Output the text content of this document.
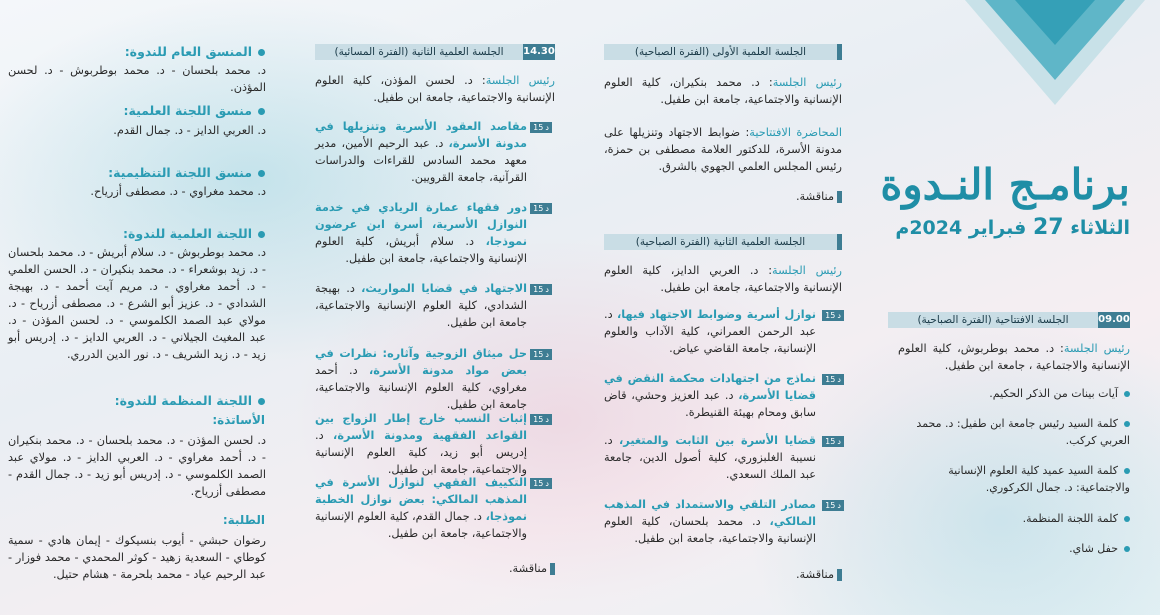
برنامـج النـدوة
الثلاثاء 27 فبراير 2024م
09.00
الجلسة الافتتاحية (الفترة الصباحية)
رئيس الجلسة: د. محمد بوطربوش، كلية العلوم الإنسانية والاجتماعية ، جامعة ابن طفيل.
آيات بينات من الذكر الحكيم.
كلمة السيد رئيس جامعة ابن طفيل: د. محمد العربي كركب.
كلمة السيد عميد كلية العلوم الإنسانية والاجتماعية: د. جمال الكركوري.
كلمة اللجنة المنظمة.
حفل شاي.
الجلسة العلمية الأولى (الفترة الصباحية)
رئيس الجلسة: د. محمد بنكيران، كلية العلوم الإنسانية والاجتماعية، جامعة ابن طفيل.
المحاضرة الافتتاحية: ضوابط الاجتهاد وتنزيلها على مدونة الأسرة، للدكتور العلامة مصطفى بن حمزة، رئيس المجلس العلمي الجهوي بالشرق.
مناقشة.
الجلسة العلمية الثانية (الفترة الصباحية)
رئيس الجلسة: د. العربي الدايز، كلية العلوم الإنسانية والاجتماعية، جامعة ابن طفيل.
د 15
نوازل أسرية وضوابط الاجتهاد فيها، د. عبد الرحمن العمراني، كلية الآداب والعلوم الإنسانية، جامعة القاضي عياض.
د 15
نماذج من اجتهادات محكمة النقض في قضايا الأسرة، د. عبد العزيز وحشي، قاض سابق ومحام بهيئة القنيطرة.
د 15
قضايا الأسرة بين الثابت والمتغير، د. نسيبة الغلبزوري، كلية أصول الدين، جامعة عبد الملك السعدي.
د 15
مصادر التلقي والاستمداد في المذهب المالكي، د. محمد بلحسان، كلية العلوم الإنسانية والاجتماعية، جامعة ابن طفيل.
مناقشة.
14.30
الجلسة العلمية الثانية (الفترة المسائية)
رئيس الجلسة: د. لحسن المؤذن، كلية العلوم الإنسانية والاجتماعية، جامعة ابن طفيل.
د 15
مقاصد العقود الأسرية وتنزيلها في مدونة الأسرة، د. عبد الرحيم الأمين، مدير معهد محمد السادس للقراءات والدراسات القرآنية، جامعة القرويين.
د 15
دور فقهاء عمارة الريادي في خدمة النوازل الأسرية، أسرة ابن عرضون نموذجا، د. سلام أبريش، كلية العلوم الإنسانية والاجتماعية، جامعة ابن طفيل.
د 15
الاجتهاد في قضايا المواريث، د. بهيجة الشدادي، كلية العلوم الإنسانية والاجتماعية، جامعة ابن طفيل.
د 15
حل ميثاق الزوجية وآثاره: نظرات في بعض مواد مدونة الأسرة، د. أحمد مغراوي، كلية العلوم الإنسانية والاجتماعية، جامعة ابن طفيل.
د 15
إثبات النسب خارج إطار الزواج بين القواعد الفقهية ومدونة الأسرة، د. إدريس أبو زيد، كلية العلوم الإنسانية والاجتماعية، جامعة ابن طفيل.
د 15
التكييف الفقهي لنوازل الأسرة في المذهب المالكي: بعض نوازل الخطبة نموذجا، د. جمال القدم، كلية العلوم الإنسانية والاجتماعية، جامعة ابن طفيل.
مناقشة.
المنسق العام للندوة:
د. محمد بلحسان - د. محمد بوطربوش - د. لحسن المؤذن.
منسق اللجنة العلمية:
د. العربي الدايز - د. جمال القدم.
منسق اللجنة التنظيمية:
د. محمد مغراوي - د. مصطفى أزرياح.
اللجنة العلمية للندوة:
د. محمد بوطربوش - د. سلام أبريش - د. محمد بلحسان - د. زيد بوشعراء - د. محمد بنكيران - د. الحسن العلمي - د. أحمد مغراوي - د. مريم آيت أحمد - د. بهيجة الشدادي - د. عزيز أبو الشرع - د. مصطفى أزرياح - د. مولاي عبد الصمد الكلموسي - د. لحسن المؤذن - د. عبد المغيث الجيلاني - د. العربي الدايز - د. إدريس أبو زيد - د. زيد الشريف - د. نور الدين الدرري.
اللجنة المنظمة للندوة:
الأساتذة:
د. لحسن المؤذن - د. محمد بلحسان - د. محمد بنكيران - د. أحمد مغراوي - د. العربي الدايز - د. مولاي عبد الصمد الكلموسي - د. إدريس أبو زيد - د. جمال القدم - مصطفى أزرياح.
الطلبة:
رضوان حبشي - أيوب بنسيكوك - إيمان هادي - سمية كوطاي - السعدية زهيد - كوثر المحمدي - محمد فوزار - عبد الرحيم عياد - محمد بلحرمة - هشام حتيل.
